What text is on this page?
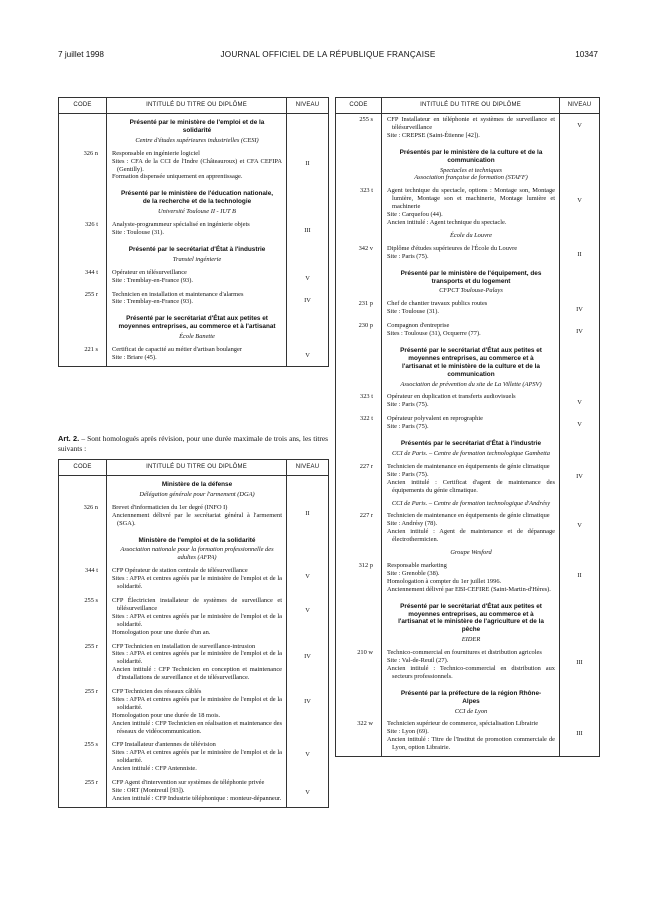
7 juillet 1998	JOURNAL OFFICIEL DE LA RÉPUBLIQUE FRANÇAISE	10347
CODE	INTITULÉ DU TITRE OU DIPLÔME	NIVEAU

	Présenté par le ministère de l'emploi et de la solidarité
Centre d'études supérieures industrielles (CESI)	

326 n	Responsable en ingénierie logiciel
Sites : CFA de la CCI de l'Indre (Châteauroux) et CFA CEFIPA (Gentilly).
Formation dispensée uniquement en apprentissage.	II

	Présenté par le ministère de l'éducation nationale, de la recherche et de la technologie
Université Toulouse II - IUT B	

326 t	Analyste-programmeur spécialisé en ingénierie objets
Site : Toulouse (31).	III

	Présenté par le secrétariat d'État à l'industrie
Transtel ingénierie	

344 t	Opérateur en télésurveillance
Site : Tremblay-en-France (93).	V
255 r	Technicien en installation et maintenance d'alarmes
Site : Tremblay-en-France (93).	IV

	Présenté par le secrétariat d'État aux petites et moyennes entreprises, au commerce et à l'artisanat
École Banette	

221 s	Certificat de capacité au métier d'artisan boulanger
Site : Briare (45).	V
Art. 2. – Sont homologués après révision, pour une durée maximale de trois ans, les titres suivants :
CODE	INTITULÉ DU TITRE OU DIPLÔME	NIVEAU

	Ministère de la défense
Délégation générale pour l'armement (DGA)	

326 n	Brevet d'informaticien du 1er degré (INFO I)
Anciennement délivré par le secrétariat général à l'armement (SGA).	II

	Ministère de l'emploi et de la solidarité
Association nationale pour la formation professionnelle des adultes (AFPA)	

344 t	CFP Opérateur de station centrale de télésurveillance
Sites : AFPA et centres agréés par le ministère de l'emploi et de la solidarité.	V
255 s	CFP Électricien installateur de systèmes de surveillance et télésurveillance
Sites : AFPA et centres agréés par le ministère de l'emploi et de la solidarité.
Homologation pour une durée d'un an.	V
255 r	CFP Technicien en installation de surveillance-intrusion
Sites : AFPA et centres agréés par le ministère de l'emploi et de la solidarité.
Ancien intitulé : CFP Technicien en conception et maintenance d'installations de surveillance et de télésurveillance.	IV
255 r	CFP Technicien des réseaux câblés
Sites : AFPA et centres agréés par le ministère de l'emploi et de la solidarité.
Homologation pour une durée de 18 mois.
Ancien intitulé : CFP Technicien en réalisation et maintenance des réseaux de vidéocommunication.	IV
255 s	CFP Installateur d'antennes de télévision
Sites : AFPA et centres agréés par le ministère de l'emploi et de la solidarité.
Ancien intitulé : CFP Antenniste.	V
255 r	CFP Agent d'intervention sur systèmes de téléphonie privée
Site : ORT (Montreuil [93]).
Ancien intitulé : CFP Industrie téléphonique : monteur-dépanneur.	V
CODE	INTITULÉ DU TITRE OU DIPLÔME	NIVEAU
255 s	CFP Installateur en téléphonie et systèmes de surveillance et télésurveillance
Site : CREPSE (Saint-Étienne [42]).	V

	Présentés par le ministère de la culture et de la communication
Spectacles et techniques
Association française de formation (STAFF)	

323 t	Agent technique du spectacle, options : Montage son, Montage lumière, Montage son et machinerie, Montage lumière et machinerie
Site : Carquefou (44).
Ancien intitulé : Agent technique du spectacle.	V

	École du Louvre	

342 v	Diplôme d'études supérieures de l'École du Louvre
Site : Paris (75).	II

	Présenté par le ministère de l'équipement, des transports et du logement
CFPCT Toulouse-Palays	

231 p	Chef de chantier travaux publics routes
Site : Toulouse (31).	IV
230 p	Compagnon d'entreprise
Sites : Toulouse (31), Ocquerre (77).	IV

	Présenté par le secrétariat d'État aux petites et moyennes entreprises, au commerce et à l'artisanat et le ministère de la culture et de la communication
Association de prévention du site de La Villette (APSV)	

323 t	Opérateur en duplication et transferts audiovisuels
Site : Paris (75).	V
322 t	Opérateur polyvalent en reprographie
Site : Paris (75).	V

	Présentés par le secrétariat d'État à l'industrie
CCI de Paris. – Centre de formation technologique Gambetta	

227 r	Technicien de maintenance en équipements de génie climatique
Site : Paris (75).
Ancien intitulé : Certificat d'agent de maintenance des équipements du génie climatique.	IV

	CCI de Paris. – Centre de formation technologique d'Andrésy	

227 r	Technicien de maintenance en équipements de génie climatique
Site : Andrésy (78).
Ancien intitulé : Agent de maintenance et de dépannage électrothermicien.	V

	Groupe Wesford	

312 p	Responsable marketing
Site : Grenoble (38).
Homologation à compter du 1er juillet 1996.
Anciennement délivré par EBI-CEFIRE (Saint-Martin-d'Hères).	II

	Présenté par le secrétariat d'État aux petites et moyennes entreprises, au commerce et à l'artisanat et le ministère de l'agriculture et de la pêche
EIDER	

210 w	Technico-commercial en fournitures et distribution agricoles
Site : Val-de-Reuil (27).
Ancien intitulé : Technico-commercial en distribution aux secteurs professionnels.	III

	Présenté par la préfecture de la région Rhône-Alpes
CCI de Lyon	

322 w	Technicien supérieur de commerce, spécialisation Librairie
Site : Lyon (69).
Ancien intitulé : Titre de l'Institut de promotion commerciale de Lyon, option Librairie.	III
